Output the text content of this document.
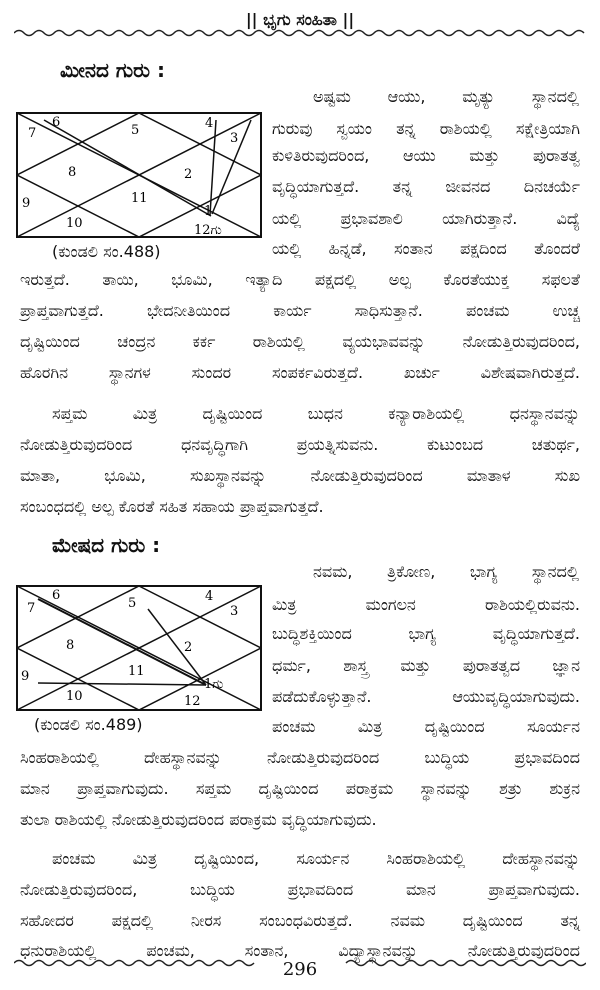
|| ಭೃಗು ಸಂಹಿತಾ ||
ಮೀನದ ಗುರು :
7
6
5	4
3
8
11
2
9
1
10	12ಗು
(ಕುಂಡಲಿ ಸಂ.488)
ಅಷ್ಟಮ ಆಯು, ಮೃತ್ಯು ಸ್ಥಾನದಲ್ಲಿ
ಗುರುವು ಸ್ವಯಂ ತನ್ನ ರಾಶಿಯಲ್ಲಿ ಸಕ್ಷೇತ್ರಿಯಾಗಿ
ಕುಳಿತಿರುವುದರಿಂದ, ಆಯು ಮತ್ತು ಪುರಾತತ್ವ
ವೃದ್ಧಿಯಾಗುತ್ತದೆ. ತನ್ನ ಜೀವನದ ದಿನಚರ್ಯೆ
ಯಲ್ಲಿ ಪ್ರಭಾವಶಾಲಿ ಯಾಗಿರುತ್ತಾನೆ. ವಿದ್ಯೆ
ಯಲ್ಲಿ ಹಿನ್ನಡೆ, ಸಂತಾನ ಪಕ್ಷದಿಂದ ತೊಂದರೆ
ಇರುತ್ತದೆ. ತಾಯಿ, ಭೂಮಿ, ಇತ್ಯಾದಿ ಪಕ್ಷದಲ್ಲಿ ಅಲ್ಪ ಕೊರತೆಯುಕ್ತ ಸಫಲತೆ
ಪ್ರಾಪ್ತವಾಗುತ್ತದೆ. ಭೇದನೀತಿಯಿಂದ ಕಾರ್ಯ ಸಾಧಿಸುತ್ತಾನೆ. ಪಂಚಮ ಉಚ್ಚ
ದೃಷ್ಟಿಯಿಂದ ಚಂದ್ರನ ಕರ್ಕ ರಾಶಿಯಲ್ಲಿ ವ್ಯಯಭಾವವನ್ನು ನೋಡುತ್ತಿರುವುದರಿಂದ,
ಹೊರಗಿನ ಸ್ಥಾನಗಳ ಸುಂದರ ಸಂಪರ್ಕವಿರುತ್ತದೆ. ಖರ್ಚು ವಿಶೇಷವಾಗಿರುತ್ತದೆ.
ಸಪ್ತಮ ಮಿತ್ರ ದೃಷ್ಟಿಯಿಂದ ಬುಧನ ಕನ್ಯಾರಾಶಿಯಲ್ಲಿ ಧನಸ್ಥಾನವನ್ನು
ನೋಡುತ್ತಿರುವುದರಿಂದ ಧನವೃದ್ಧಿಗಾಗಿ ಪ್ರಯತ್ನಿಸುವನು. ಕುಟುಂಬದ ಚತುರ್ಥ,
ಮಾತಾ, ಭೂಮಿ, ಸುಖಸ್ಥಾನವನ್ನು ನೋಡುತ್ತಿರುವುದರಿಂದ ಮಾತಾಳ ಸುಖ
ಸಂಬಂಧದಲ್ಲಿ ಅಲ್ಪ ಕೊರತೆ ಸಹಿತ ಸಹಾಯ ಪ್ರಾಪ್ತವಾಗುತ್ತದೆ.
ಮೇಷದ ಗುರು :
7
6
5	4
3
8
11
2
9
1ಗು
10	12
(ಕುಂಡಲಿ ಸಂ.489)
ನವಮ, ತ್ರಿಕೋಣ, ಭಾಗ್ಯ ಸ್ಥಾನದಲ್ಲಿ
ಮಿತ್ರ ಮಂಗಲನ ರಾಶಿಯಲ್ಲಿರುವನು.
ಬುದ್ಧಿಶಕ್ತಿಯಿಂದ ಭಾಗ್ಯ ವೃದ್ಧಿಯಾಗುತ್ತದೆ.
ಧರ್ಮ, ಶಾಸ್ತ್ರ ಮತ್ತು ಪುರಾತತ್ವದ ಜ್ಞಾನ
ಪಡೆದುಕೊಳ್ಳುತ್ತಾನೆ. ಆಯುವೃದ್ಧಿಯಾಗುವುದು.
ಪಂಚಮ ಮಿತ್ರ ದೃಷ್ಟಿಯಿಂದ ಸೂರ್ಯನ
ಸಿಂಹರಾಶಿಯಲ್ಲಿ ದೇಹಸ್ಥಾನವನ್ನು ನೋಡುತ್ತಿರುವುದರಿಂದ ಬುದ್ಧಿಯ ಪ್ರಭಾವದಿಂದ
ಮಾನ ಪ್ರಾಪ್ತವಾಗುವುದು. ಸಪ್ತಮ ದೃಷ್ಟಿಯಿಂದ ಪರಾಕ್ರಮ ಸ್ಥಾನವನ್ನು ಶತ್ರು ಶುಕ್ರನ
ತುಲಾ ರಾಶಿಯಲ್ಲಿ ನೋಡುತ್ತಿರುವುದರಿಂದ ಪರಾಕ್ರಮ ವೃದ್ಧಿಯಾಗುವುದು.
ಪಂಚಮ ಮಿತ್ರ ದೃಷ್ಟಿಯಿಂದ, ಸೂರ್ಯನ ಸಿಂಹರಾಶಿಯಲ್ಲಿ ದೇಹಸ್ಥಾನವನ್ನು
ನೋಡುತ್ತಿರುವುದರಿಂದ, ಬುದ್ಧಿಯ ಪ್ರಭಾವದಿಂದ ಮಾನ ಪ್ರಾಪ್ತವಾಗುವುದು.
ಸಹೋದರ ಪಕ್ಷದಲ್ಲಿ ನೀರಸ ಸಂಬಂಧವಿರುತ್ತದೆ. ನವಮ ದೃಷ್ಟಿಯಿಂದ ತನ್ನ
ಧನುರಾಶಿಯಲ್ಲಿ ಪಂಚಮ, ಸಂತಾನ, ವಿದ್ಯಾಸ್ಥಾನವನ್ನು ನೋಡುತ್ತಿರುವುದರಿಂದ
296
